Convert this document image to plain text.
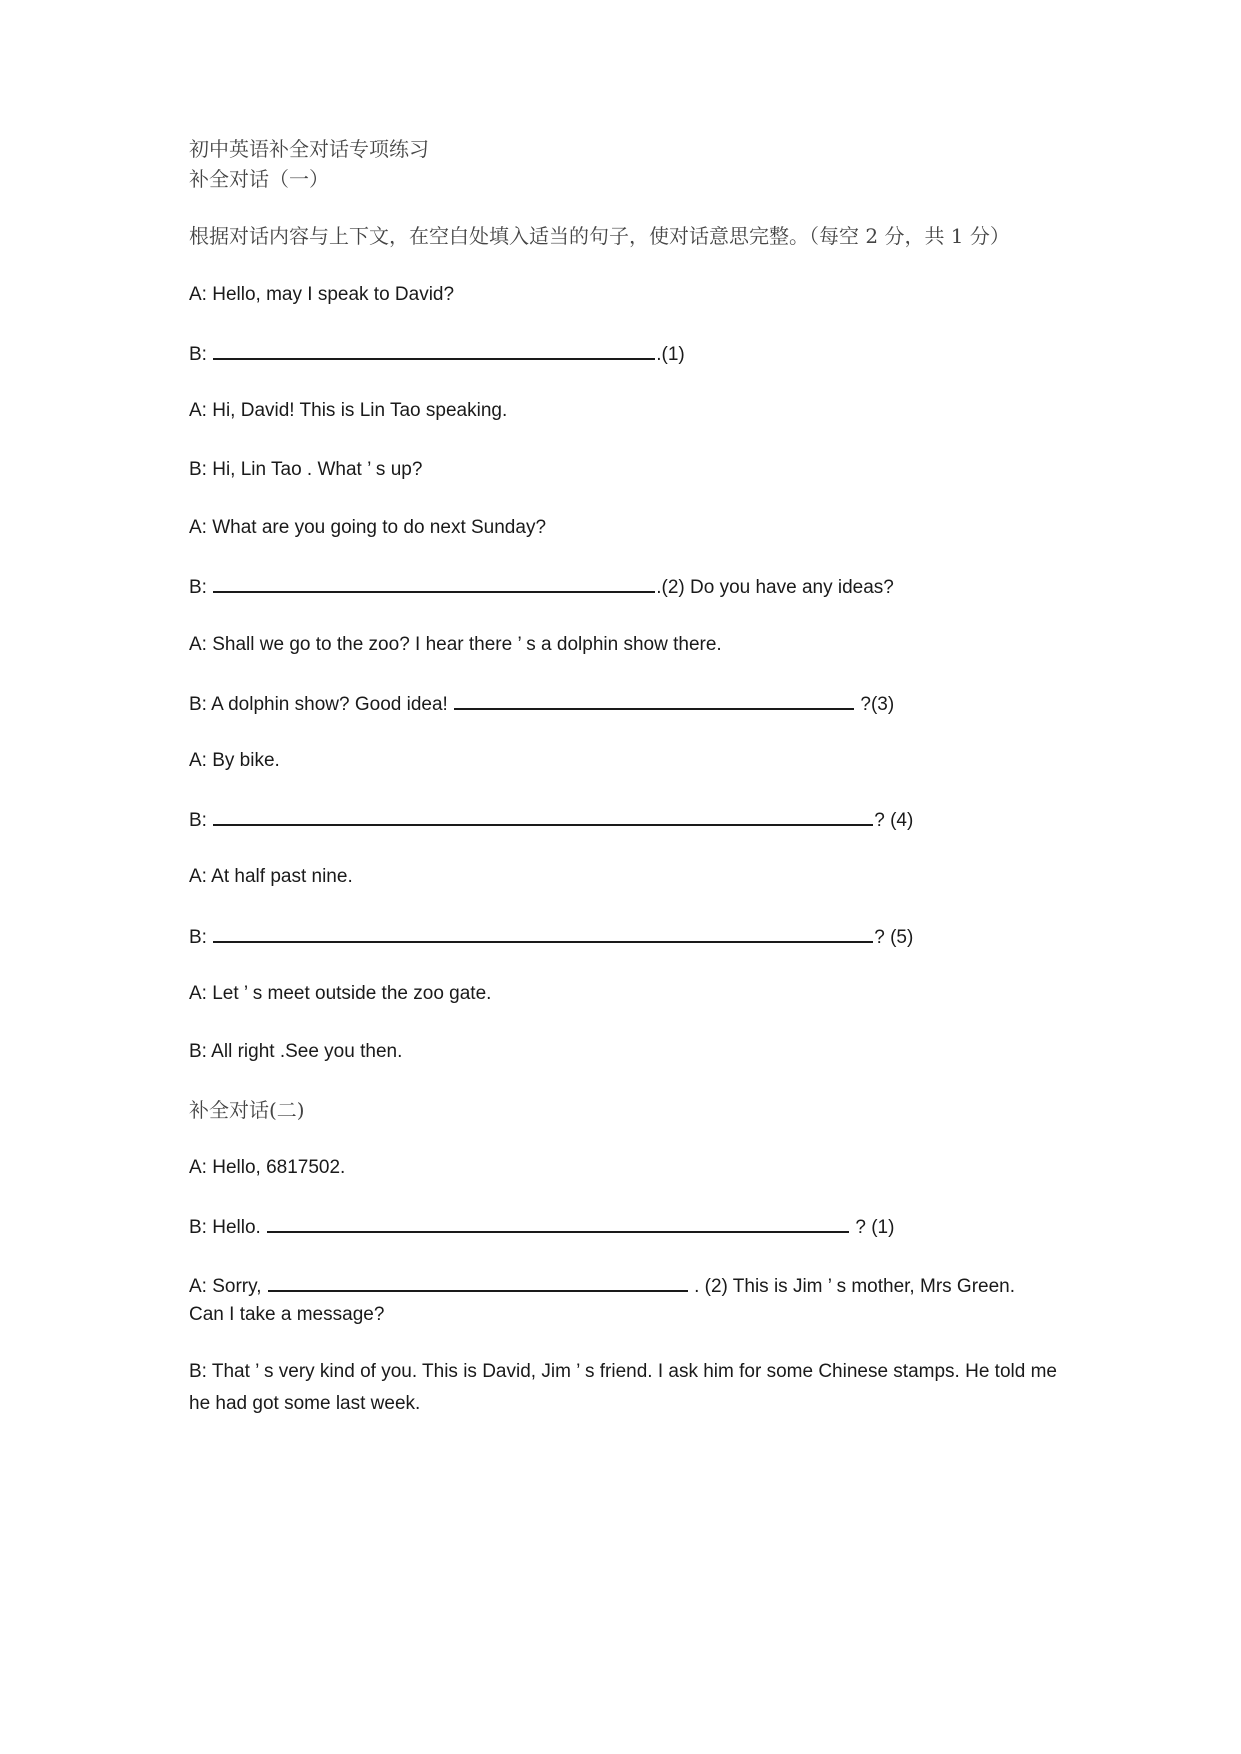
初中英语补全对话专项练习
补全对话（一）
根据对话内容与上下文，在空白处填入适当的句子，使对话意思完整。（每空 2 分，共 1 分）
A: Hello, may I speak to David?
B:	.(1)
A: Hi, David! This is Lin Tao speaking.
B: Hi, Lin Tao . What ’ s up?
A: What are you going to do next Sunday?
B:	.(2) Do you have any ideas?
A: Shall we go to the zoo? I hear there ’ s a dolphin show there.
B: A dolphin show? Good idea!	?(3)
A: By bike.
B:	? (4)
A: At half past nine.
B:	? (5)
A: Let ’ s meet outside the zoo gate.
B: All right .See you then.
补全对话(二)
A: Hello, 6817502.
B: Hello.	? (1)
A: Sorry,	. (2) This is Jim ’ s mother, Mrs Green.
Can I take a message?
B: That ’ s very kind of you. This is David, Jim ’ s friend. I ask him for some Chinese stamps. He told me he had got some last week.
